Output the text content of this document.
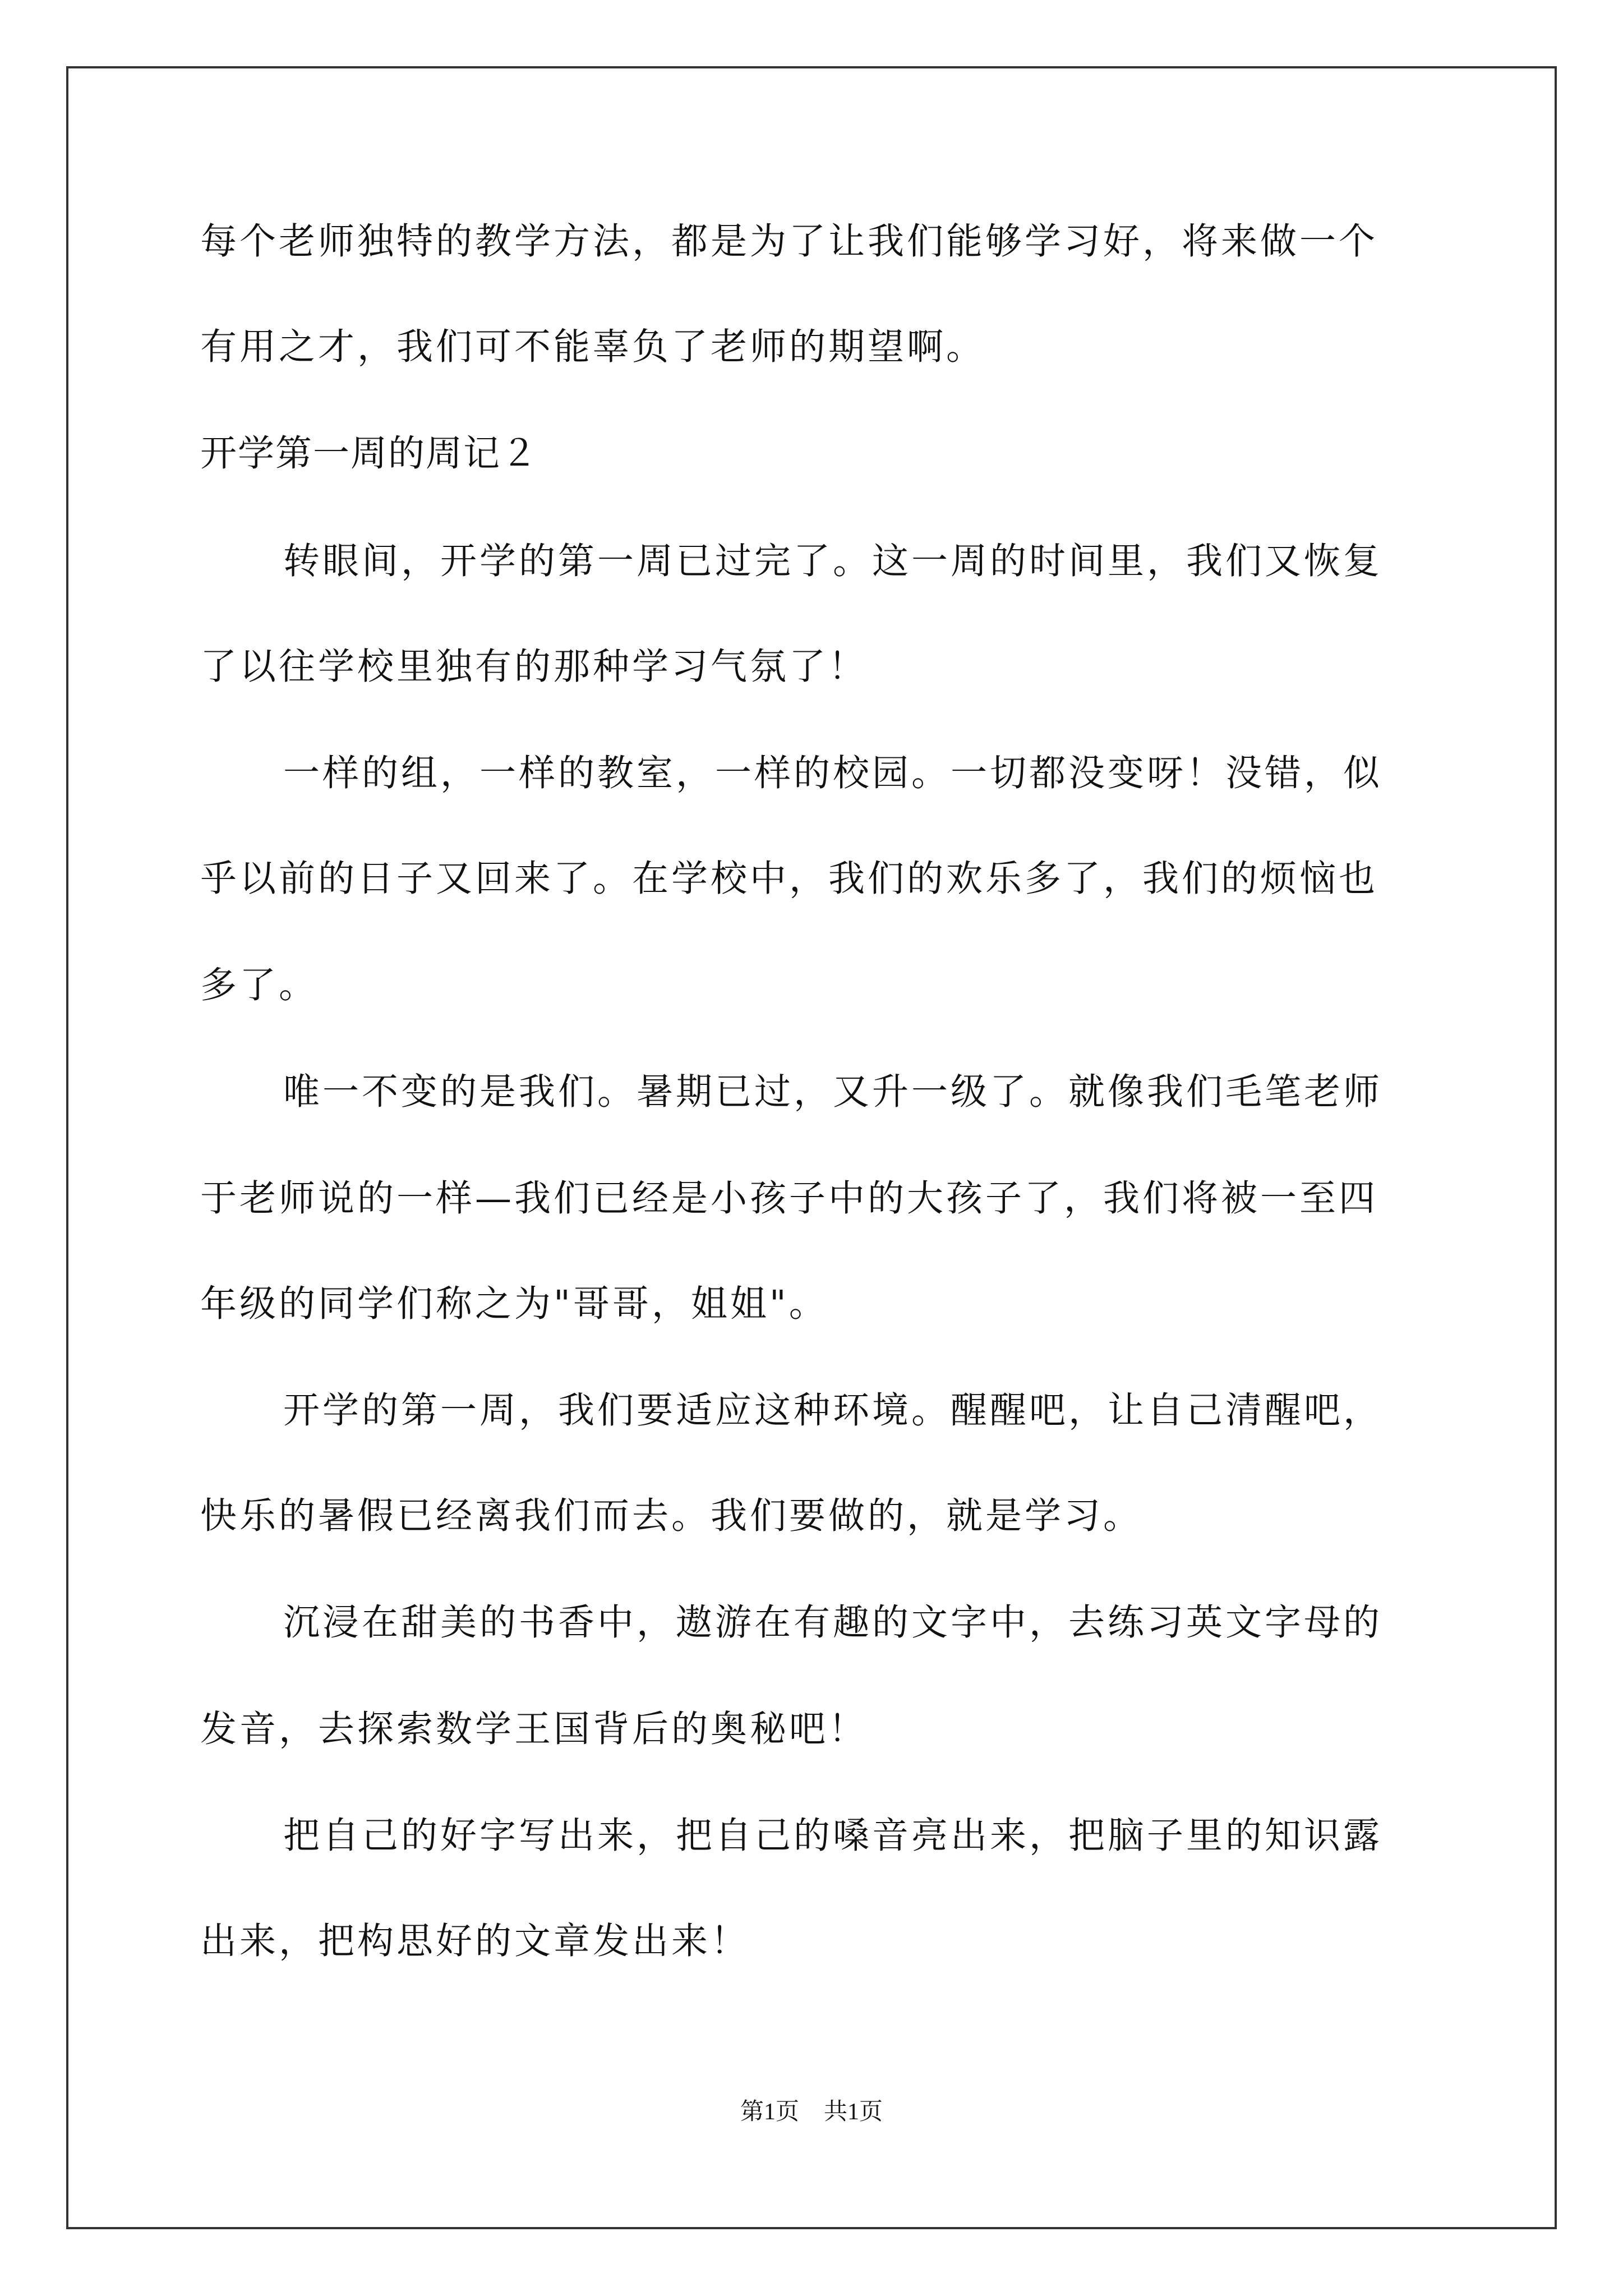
每个老师独特的教学方法，都是为了让我们能够学习好，将来做一个
有用之才，我们可不能辜负了老师的期望啊。
开学第一周的周记２
转眼间，开学的第一周已过完了。这一周的时间里，我们又恢复
了以往学校里独有的那种学习气氛了！
一样的组，一样的教室，一样的校园。一切都没变呀！没错，似
乎以前的日子又回来了。在学校中，我们的欢乐多了，我们的烦恼也
多了。
唯一不变的是我们。暑期已过，又升一级了。就像我们毛笔老师
于老师说的一样—我们已经是小孩子中的大孩子了，我们将被一至四
年级的同学们称之为"哥哥，姐姐"。
开学的第一周，我们要适应这种环境。醒醒吧，让自己清醒吧，
快乐的暑假已经离我们而去。我们要做的，就是学习。
沉浸在甜美的书香中，遨游在有趣的文字中，去练习英文字母的
发音，去探索数学王国背后的奥秘吧！
把自己的好字写出来，把自己的嗓音亮出来，把脑子里的知识露
出来，把构思好的文章发出来！
第1页 共1页
